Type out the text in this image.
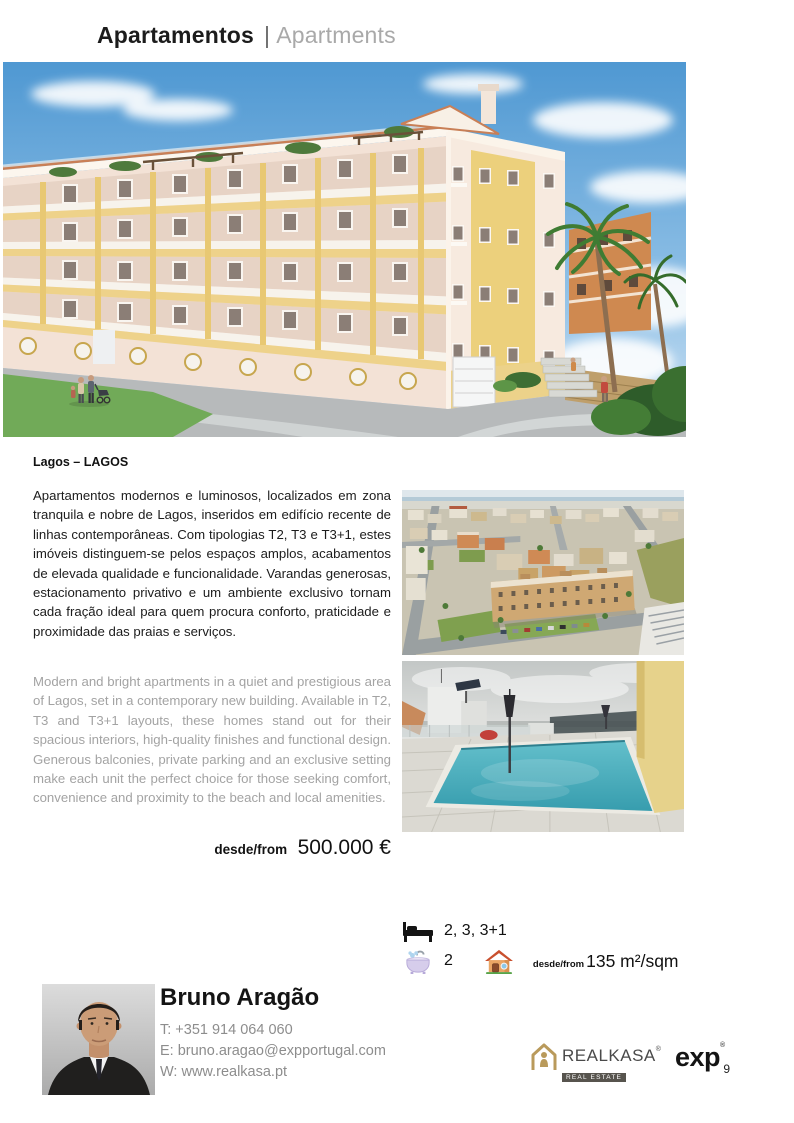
Apartamentos | Apartments
Lagos – LAGOS
Apartamentos modernos e luminosos, localizados em zona tranquila e nobre de Lagos, inseridos em edifício recente de linhas contemporâneas. Com tipologias T2, T3 e T3+1, estes imóveis distinguem-se pelos espaços amplos, acabamentos de elevada qualidade e funcionalidade. Varandas generosas, estacionamento privativo e um ambiente exclusivo tornam cada fração ideal para quem procura conforto, praticidade e proximidade das praias e serviços.
Modern and bright apartments in a quiet and prestigious area of Lagos, set in a contemporary new building. Available in T2, T3 and T3+1 layouts, these homes stand out for their spacious interiors, high-quality finishes and functional design. Generous balconies, private parking and an exclusive setting make each unit the perfect choice for those seeking comfort, convenience and proximity to the beach and local amenities.
desde/from 500.000 €
2, 3, 3+1
2	desde/from 135 m²/sqm
Bruno Aragão
T: +351 914 064 060
E: bruno.aragao@expportugal.com
W: www.realkasa.pt
REALKASA®
REAL ESTATE
exp®
9
